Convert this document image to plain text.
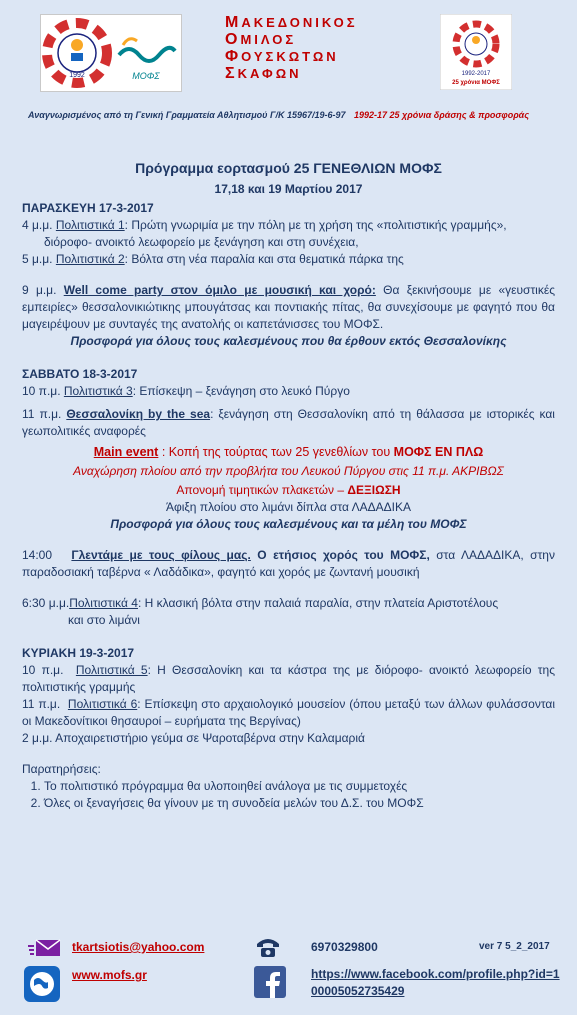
1992	ΜΟΦΣ
ΜΑΚΕΔΟΝΙΚΟΣ
ΟΜΙΛΟΣ
ΦΟΥΣΚΩΤΩΝ
ΣΚΑΦΩΝ	1992-2017
25 χρόνια ΜΟΦΣ
Αναγνωρισμένος από τη Γενική Γραμματεία Αθλητισμού Γ/Κ 15967/19-6-97 1992-17 25 χρόνια δράσης & προσφοράς
Πρόγραμμα εορτασμού 25 ΓΕΝΕΘΛΙΩΝ ΜΟΦΣ
17,18 και 19 Μαρτίου 2017
ΠΑΡΑΣΚΕΥΗ 17-3-2017
4 μ.μ. Πολιτιστικά 1: Πρώτη γνωριμία με την πόλη με τη χρήση της «πολιτιστικής γραμμής»,
διόροφο- ανοικτό λεωφορείο με ξενάγηση και στη συνέχεια,
5 μ.μ. Πολιτιστικά 2: Βόλτα στη νέα παραλία και στα θεματικά πάρκα της
9 μ.μ. Well come party στον όμιλο με μουσική και χορό: Θα ξεκινήσουμε με «γευστικές εμπειρίες» θεσσαλονικιώτικης μπουγάτσας και ποντιακής πίτας, θα συνεχίσουμε με φαγητό που θα μαγειρέψουν με συνταγές της ανατολής οι καπετάνισσες του ΜΟΦΣ.
Προσφορά για όλους τους καλεσμένους που θα έρθουν εκτός Θεσσαλονίκης
ΣΑΒΒΑΤΟ 18-3-2017
10 π.μ. Πολιτιστικά 3: Επίσκεψη – ξενάγηση στο λευκό Πύργο
11 π.μ. Θεσσαλονίκη by the sea: ξενάγηση στη Θεσσαλονίκη από τη θάλασσα με ιστορικές και γεωπολιτικές αναφορές
Main event : Κοπή της τούρτας των 25 γενεθλίων του ΜΟΦΣ ΕΝ ΠΛΩ
Αναχώρηση πλοίου από την προβλήτα του Λευκού Πύργου στις 11 π.μ. ΑΚΡΙΒΩΣ
Απονομή τιμητικών πλακετών – ΔΕΞΙΩΣΗ
Άφιξη πλοίου στο λιμάνι δίπλα στα ΛΑΔΑΔΙΚΑ
Προσφορά για όλους τους καλεσμένους και τα μέλη του ΜΟΦΣ
14:00 Γλεντάμε με τους φίλους μας. Ο ετήσιος χορός του ΜΟΦΣ, στα ΛΑΔΑΔΙΚΑ, στην παραδοσιακή ταβέρνα « Λαδάδικα», φαγητό και χορός με ζωντανή μουσική
6:30 μ.μ.Πολιτιστικά 4: Η κλασική βόλτα στην παλαιά παραλία, στην πλατεία Αριστοτέλους
και στο λιμάνι
ΚΥΡΙΑΚΗ 19-3-2017
10 π.μ. Πολιτιστικά 5: Η Θεσσαλονίκη και τα κάστρα της με διόροφο- ανοικτό λεωφορείο της πολιτιστικής γραμμής
11 π.μ. Πολιτιστικά 6: Επίσκεψη στο αρχαιολογικό μουσείον (όπου μεταξύ των άλλων φυλάσσονται οι Μακεδονίτικοι θησαυροί – ευρήματα της Βεργίνας)
2 μ.μ. Αποχαιρετιστήριο γεύμα σε Ψαροταβέρνα στην Καλαμαριά
Παρατηρήσεις:
1. Το πολιτιστικό πρόγραμμα θα υλοποιηθεί ανάλογα με τις συμμετοχές
2. Όλες οι ξεναγήσεις θα γίνουν με τη συνοδεία μελών του Δ.Σ. του ΜΟΦΣ
tkartsiotis@yahoo.com	6970329800	ver 7 5_2_2017
www.mofs.gr	https://www.facebook.com/profile.php?id=1
00005052735429
